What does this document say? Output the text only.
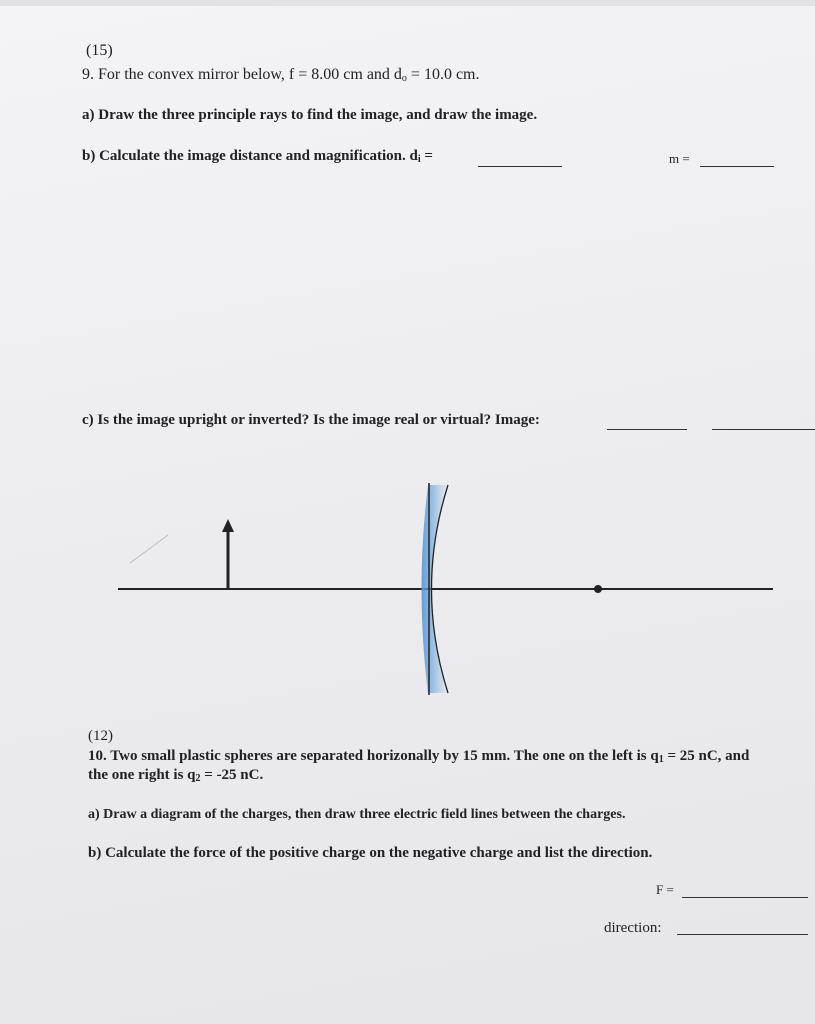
(15)
9. For the convex mirror below, f = 8.00 cm and $d_o = 10.0$ cm.
a) Draw the three principle rays to find the image, and draw the image.
b) Calculate the image distance and magnification. $d_i$ =	m =
c) Is the image upright or inverted? Is the image real or virtual? Image:
(12)
10. Two small plastic spheres are separated horizonally by 15 mm. The one on the left is $q_1 = 25$ nC, and
the one right is $q_2 = -25$ nC.
a) Draw a diagram of the charges, then draw three electric field lines between the charges.
b) Calculate the force of the positive charge on the negative charge and list the direction.
F =
direction:
